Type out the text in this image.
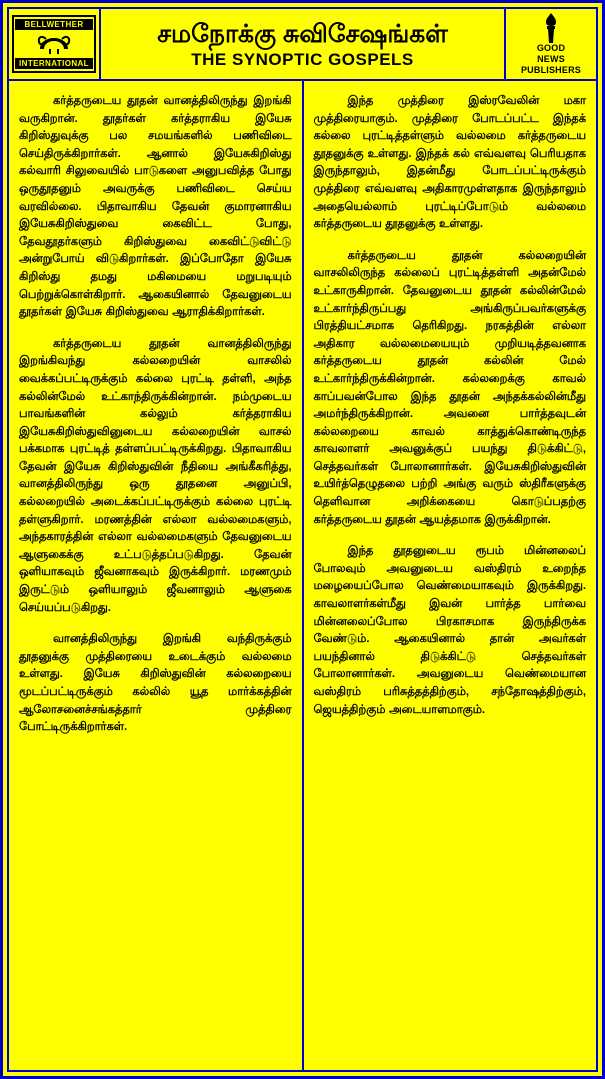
BELLWETHER
INTERNATIONAL
சமநோக்கு சுவிசேஷங்கள்
THE SYNOPTIC GOSPELS
GOOD
NEWS
PUBLISHERS

கர்த்தருடைய தூதன் வானத்திலிருந்து இறங்கி வருகிறான். தூதர்கள் கர்த்தராகிய இயேசு கிறிஸ்துவுக்கு பல சமயங்களில் பணிவிடை செய்திருக்கிறார்கள். ஆனால் இயேசுகிறிஸ்து கல்வாரி சிலுவையில் பாடுகளை அனுபவித்த போது ஒருதூதனும் அவருக்கு பணிவிடை செய்ய வரவில்லை. பிதாவாகிய தேவன் குமாரனாகிய இயேசுகிறிஸ்துவை கைவிட்ட போது, தேவதூதர்களும் கிறிஸ்துவை கைவிட்டுவிட்டு அன்றுபோய் விடுகிறார்கள். இப்போதோ இயேசு கிறிஸ்து தமது மகிமையை மறுபடியும் பெற்றுக்கொள்கிறார். ஆகையினால் தேவனுடைய தூதர்கள் இயேசு கிறிஸ்துவை ஆராதிக்கிறார்கள்.

கர்த்தருடைய தூதன் வானத்திலிருந்து இறங்கிவந்து கல்லறையின் வாசலில் வைக்கப்பட்டிருக்கும் கல்லை புரட்டி தள்ளி, அந்த கல்லின்மேல் உட்காந்திருக்கின்றான். நம்முடைய பாவங்களின் கல்லும் கர்த்தராகிய இயேசுகிறிஸ்துவினுடைய கல்லறையின் வாசல் பக்கமாக புரட்டித் தள்ளப்பட்டிருக்கிறது. பிதாவாகிய தேவன் இயேசு கிறிஸ்துவின் நீதியை அங்கீகரித்து, வானத்திலிருந்து ஒரு தூதனை அனுப்பி, கல்லறையில் அடைக்கப்பட்டிருக்கும் கல்லை புரட்டி தள்ளுகிறார். மரணத்தின் எல்லா வல்லமைகளும், அந்தகாரத்தின் எல்லா வல்லமைகளும் தேவனுடைய ஆளுகைக்கு உட்படுத்தப்படுகிறது. தேவன் ஒளியாகவும் ஜீவனாகவும் இருக்கிறார். மரணமும் இருட்டும் ஒளியாலும் ஜீவனாலும் ஆளுகை செய்யப்படுகிறது.

வானத்திலிருந்து இறங்கி வந்திருக்கும் தூதனுக்கு முத்திரையை உடைக்கும் வல்லமை உள்ளது. இயேசு கிறிஸ்துவின் கல்லறையை மூடப்பட்டிருக்கும் கல்லில் யூத மார்க்கத்தின் ஆலோசனைச்சங்கத்தார் முத்திரை போட்டிருக்கிறார்கள்.

இந்த முத்திரை இஸ்ரவேலின் மகா முத்திரையாகும். முத்திரை போடப்பட்ட இந்தக் கல்லை புரட்டித்தள்ளும் வல்லமை கர்த்தருடைய தூதனுக்கு உள்ளது. இந்தக் கல் எவ்வளவு பெரியதாக இருந்தாலும், இதன்மீது போடப்பட்டிருக்கும் முத்திரை எவ்வளவு அதிகாரமுள்ளதாக இருந்தாலும் அதையெல்லாம் புரட்டிப்போடும் வல்லமை கர்த்தருடைய தூதனுக்கு உள்ளது.

கர்த்தருடைய தூதன் கல்லறையின் வாசலிலிருந்த கல்லைப் புரட்டித்தள்ளி அதன்மேல் உட்காருகிறான். தேவனுடைய தூதன் கல்லின்மேல் உட்கார்ந்திருப்பது அங்கிருப்பவர்களுக்கு பிரத்தியட்சமாக தெரிகிறது. நரகத்தின் எல்லா அதிகார வல்லமையையும் முறியடித்தவனாக கர்த்தருடைய தூதன் கல்லின் மேல் உட்கார்ந்திருக்கின்றான். கல்லறைக்கு காவல் காப்பவன்போல இந்த தூதன் அந்தக்கல்லின்மீது அமர்ந்திருக்கிறான். அவனை பார்த்தவுடன் கல்லறையை காவல் காத்துக்கொண்டிருந்த காவலாளர் அவனுக்குப் பயந்து திடுக்கிட்டு, செத்தவர்கள் போலானார்கள். இயேசுகிறிஸ்துவின் உயிர்த்தெழுதலை பற்றி அங்கு வரும் ஸ்திரீகளுக்கு தெளிவான அறிக்கையை கொடுப்பதற்கு கர்த்தருடைய தூதன் ஆயத்தமாக இருக்கிறான்.

இந்த தூதனுடைய ரூபம் மின்னலைப் போலவும் அவனுடைய வஸ்திரம் உறைந்த மழையைப்போல வெண்மையாகவும் இருக்கிறது. காவலாளர்கள்மீது இவன் பார்த்த பார்வை மின்னலைப்போல பிரகாசமாக இருந்திருக்க வேண்டும். ஆகையினால் தான் அவர்கள் பயந்தினால் திடுக்கிட்டு செத்தவர்கள் போலானார்கள். அவனுடைய வெண்மையான வஸ்திரம் பரிசுத்தத்திற்கும், சந்தோஷத்திற்கும், ஜெயத்திற்கும் அடையாளமாகும்.
